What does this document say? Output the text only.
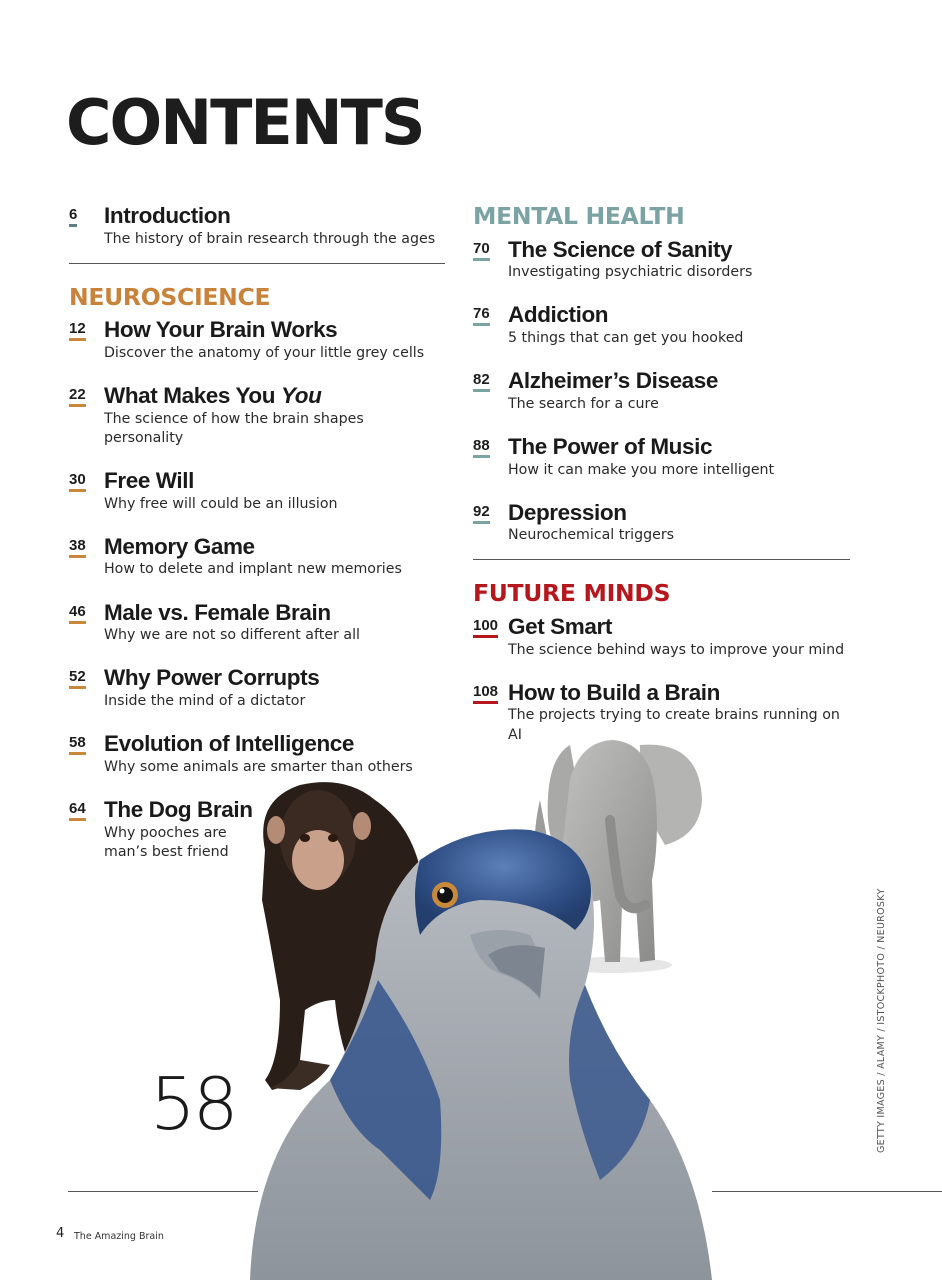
CONTENTS
6 Introduction
The history of brain research through the ages
NEUROSCIENCE
12 How Your Brain Works
Discover the anatomy of your little grey cells
22 What Makes You You
The science of how the brain shapes personality
30 Free Will
Why free will could be an illusion
38 Memory Game
How to delete and implant new memories
46 Male vs. Female Brain
Why we are not so different after all
52 Why Power Corrupts
Inside the mind of a dictator
58 Evolution of Intelligence
Why some animals are smarter than others
64 The Dog Brain
Why pooches are
man’s best friend
MENTAL HEALTH
70 The Science of Sanity
Investigating psychiatric disorders
76 Addiction
5 things that can get you hooked
82 Alzheimer’s Disease
The search for a cure
88 The Power of Music
How it can make you more intelligent
92 Depression
Neurochemical triggers
FUTURE MINDS
100 Get Smart
The science behind ways to improve your mind
108 How to Build a Brain
The projects trying to create brains running on AI
58	GETTY IMAGES / ALAMY / ISTOCKPHOTO / NEUROSKY
4 The Amazing Brain
